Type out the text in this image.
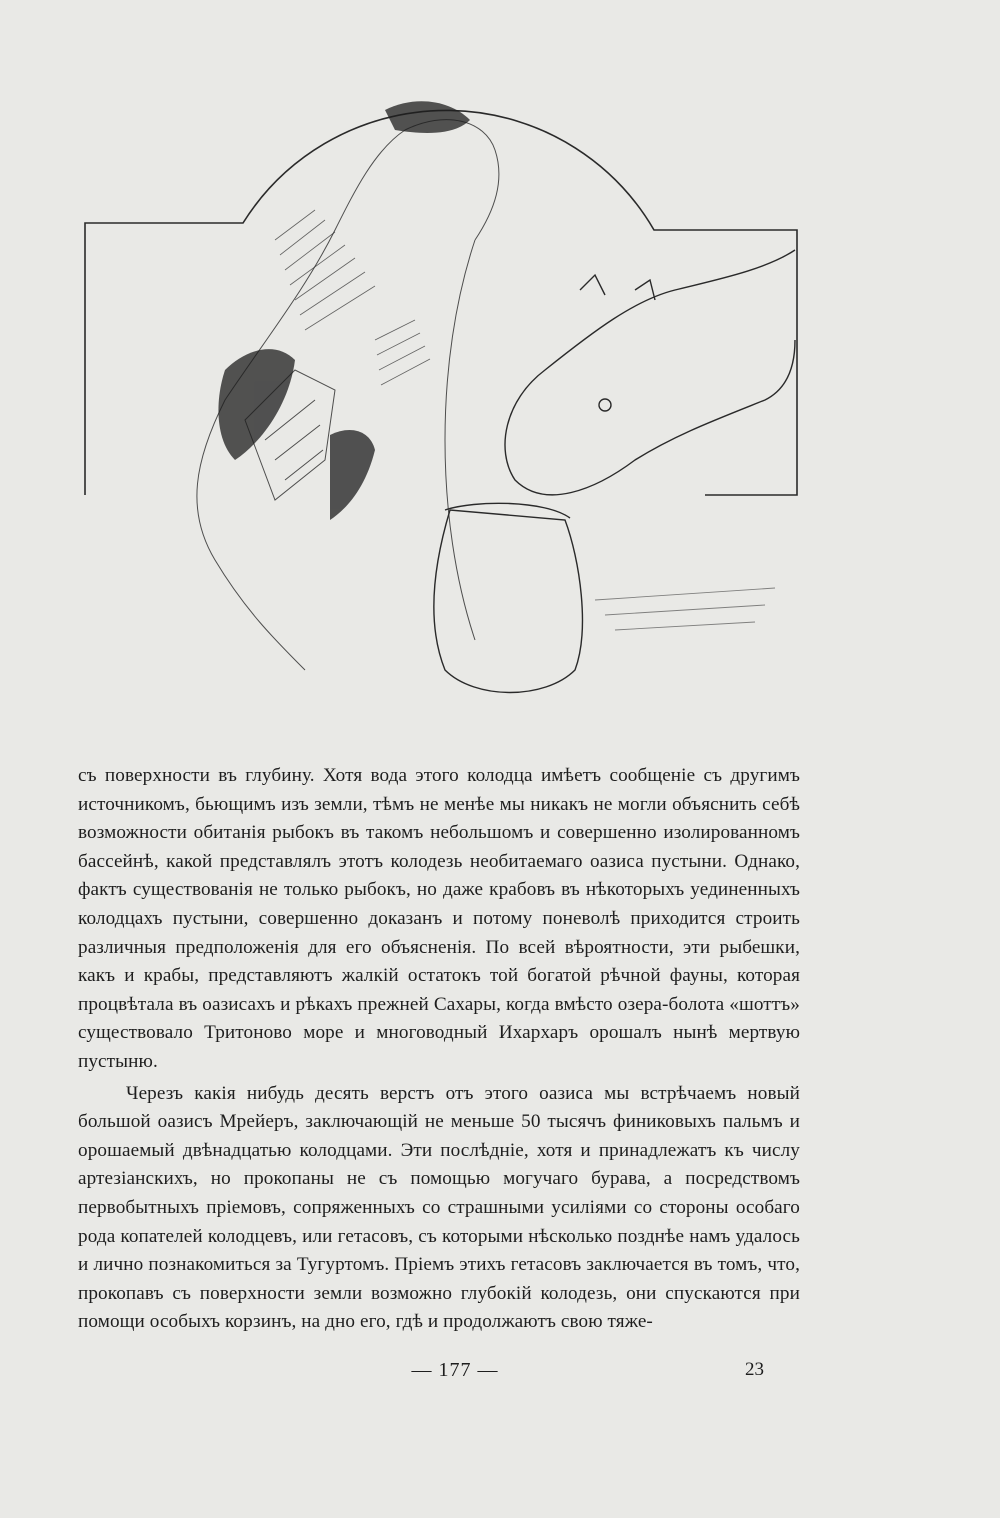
съ поверхности въ глубину. Хотя вода этого колодца имѣетъ сообщенiе съ другимъ источникомъ, бьющимъ изъ земли, тѣмъ не менѣе мы никакъ не могли объяснить себѣ возможности обитанiя рыбокъ въ такомъ небольшомъ и совершенно изолированномъ бассейнѣ, какой представлялъ этотъ колодезь необитаемаго оазиса пустыни. Однако, фактъ существованiя не только рыбокъ, но даже крабовъ въ нѣкоторыхъ уединенныхъ колодцахъ пустыни, совершенно доказанъ и потому поневолѣ приходится строить различныя предположенiя для его объясненiя. По всей вѣроятности, эти рыбешки, какъ и крабы, представляютъ жалкiй остатокъ той богатой рѣчной фауны, которая процвѣтала въ оазисахъ и рѣкахъ прежней Сахары, когда вмѣсто озера-болота «шоттъ» существовало Тритоново море и многоводный Ихархаръ орошалъ нынѣ мертвую пустыню.

Черезъ какiя нибудь десять верстъ отъ этого оазиса мы встрѣчаемъ новый большой оазисъ Мрейеръ, заключающiй не меньше 50 тысячъ финиковыхъ пальмъ и орошаемый двѣнадцатью колодцами. Эти послѣднiе, хотя и принадлежатъ къ числу артезiанскихъ, но прокопаны не съ помощью могучаго бурава, а посредствомъ первобытныхъ прiемовъ, сопряженныхъ со страшными усилiями со стороны особаго рода копателей колодцевъ, или гетасовъ, съ которыми нѣсколько позднѣе намъ удалось и лично познакомиться за Тугуртомъ. Прiемъ этихъ гетасовъ заключается въ томъ, что, прокопавъ съ поверхности земли возможно глубокiй колодезь, они спускаются при помощи особыхъ корзинъ, на дно его, гдѣ и продолжаютъ свою тяже-

— 177 —	23
